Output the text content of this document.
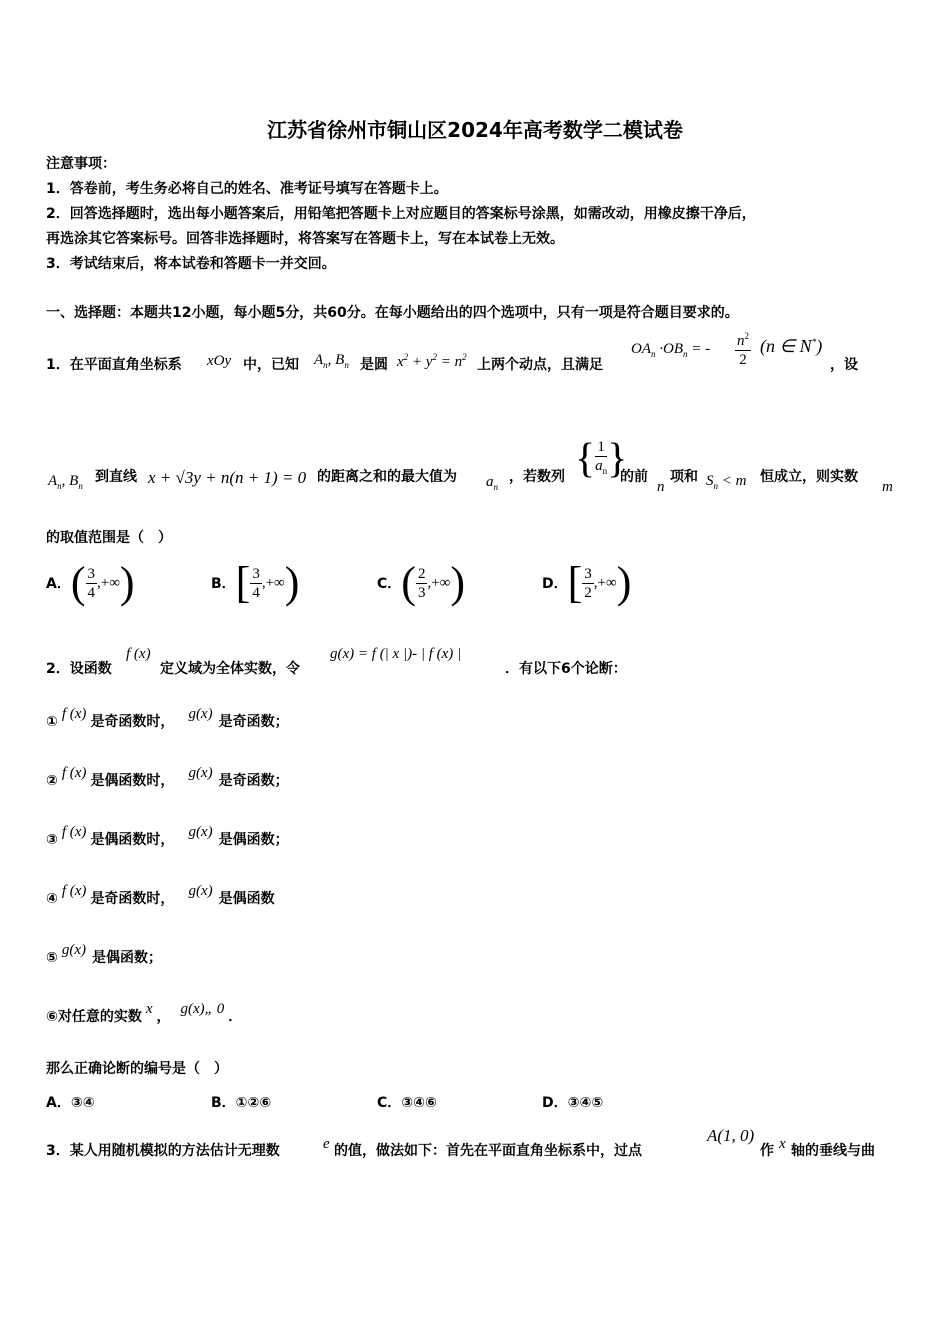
江苏省徐州市铜山区2024年高考数学二模试卷
注意事项：
1．答卷前，考生务必将自己的姓名、准考证号填写在答题卡上。
2．回答选择题时，选出每小题答案后，用铅笔把答题卡上对应题目的答案标号涂黑，如需改动，用橡皮擦干净后，
再选涂其它答案标号。回答非选择题时，将答案写在答题卡上，写在本试卷上无效。
3．考试结束后，将本试卷和答题卡一并交回。
一、选择题：本题共12小题，每小题5分，共60分。在每小题给出的四个选项中，只有一项是符合题目要求的。
1．在平面直角坐标系 xOy 中，已知 $A_n$, $B_n$ 是圆 $x^2 + y^2 = n^2$ 上两个动点，且满足
$OA_n \cdot OB_n$ = - $\frac{n^2}{2} (n$ ∈ N*)
，设
$A_n$, $B_n$
到直线 x + √3y + n(n + 1) = 0 的距离之和的最大值为 $a_n$
，若数列 { $\frac{1}{a_n}$ }
的前
n
项和 $S_n < m$ 恒成立，则实数
m
的取值范围是（　）
A． ( $\frac{3}{4}$ ,+∞ )	B． [ $\frac{3}{4}$ ,+∞ )	C． ( $\frac{2}{3}$ ,+∞ )	D． [ $\frac{3}{2}$ ,+∞ )
2．设函数
f (x)
定义域为全体实数，令
g(x) = f (| x |)- | f (x) |
．有以下6个论断：
① f (x) 是奇函数时， g(x) 是奇函数；
② f (x) 是偶函数时， g(x) 是奇函数；
③ f (x) 是偶函数时， g(x) 是偶函数；
④ f (x) 是奇函数时， g(x) 是偶函数
⑤ g(x) 是偶函数；
⑥对任意的实数 x ， g(x)„ 0 ．
那么正确论断的编号是（　）
A．③④	B．①②⑥	C．③④⑥	D．③④⑤
3．某人用随机模拟的方法估计无理数	e 的值，做法如下：首先在平面直角坐标系中，过点
A(1, 0)
作 x 轴的垂线与曲
